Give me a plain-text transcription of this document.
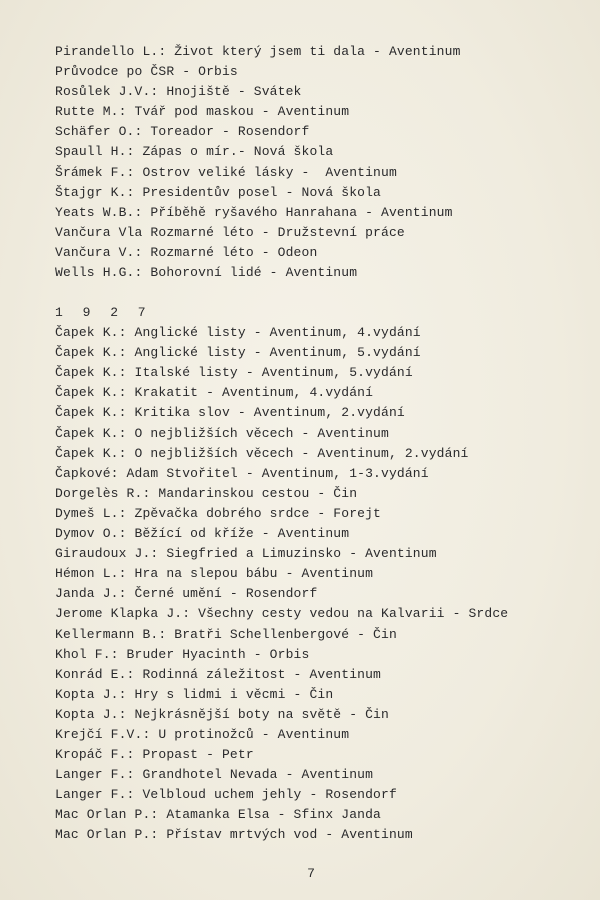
Pirandello L.: Život který jsem ti dala - Aventinum
Průvodce po ČSR - Orbis
Rosůlek J.V.: Hnojiště - Svátek
Rutte M.: Tvář pod maskou - Aventinum
Schäfer O.: Toreador - Rosendorf
Spaull H.: Zápas o mír.- Nová škola
Šrámek F.: Ostrov veliké lásky -  Aventinum
Štajgr K.: Presidentův posel - Nová škola
Yeats W.B.: Příběhě ryšavého Hanrahana - Aventinum
Vančura Vla Rozmarné léto - Družstevní práce
Vančura V.: Rozmarné léto - Odeon
Wells H.G.: Bohorovní lidé - Aventinum
1 9 2 7
Čapek K.: Anglické listy - Aventinum, 4.vydání
Čapek K.: Anglické listy - Aventinum, 5.vydání
Čapek K.: Italské listy - Aventinum, 5.vydání
Čapek K.: Krakatit - Aventinum, 4.vydání
Čapek K.: Kritika slov - Aventinum, 2.vydání
Čapek K.: O nejbližších věcech - Aventinum
Čapek K.: O nejbližších věcech - Aventinum, 2.vydání
Čapkové: Adam Stvořitel - Aventinum, 1-3.vydání
Dorgelès R.: Mandarinskou cestou - Čin
Dymeš L.: Zpěvačka dobrého srdce - Forejt
Dymov O.: Běžící od kříže - Aventinum
Giraudoux J.: Siegfried a Limuzinsko - Aventinum
Hémon L.: Hra na slepou bábu - Aventinum
Janda J.: Černé umění - Rosendorf
Jerome Klapka J.: Všechny cesty vedou na Kalvarii - Srdce
Kellermann B.: Bratři Schellenbergové - Čin
Khol F.: Bruder Hyacinth - Orbis
Konrád E.: Rodinná záležitost - Aventinum
Kopta J.: Hry s lidmi i věcmi - Čin
Kopta J.: Nejkrásnější boty na světě - Čin
Krejčí F.V.: U protinožců - Aventinum
Kropáč F.: Propast - Petr
Langer F.: Grandhotel Nevada - Aventinum
Langer F.: Velbloud uchem jehly - Rosendorf
Mac Orlan P.: Atamanka Elsa - Sfinx Janda
Mac Orlan P.: Přístav mrtvých vod - Aventinum
7
